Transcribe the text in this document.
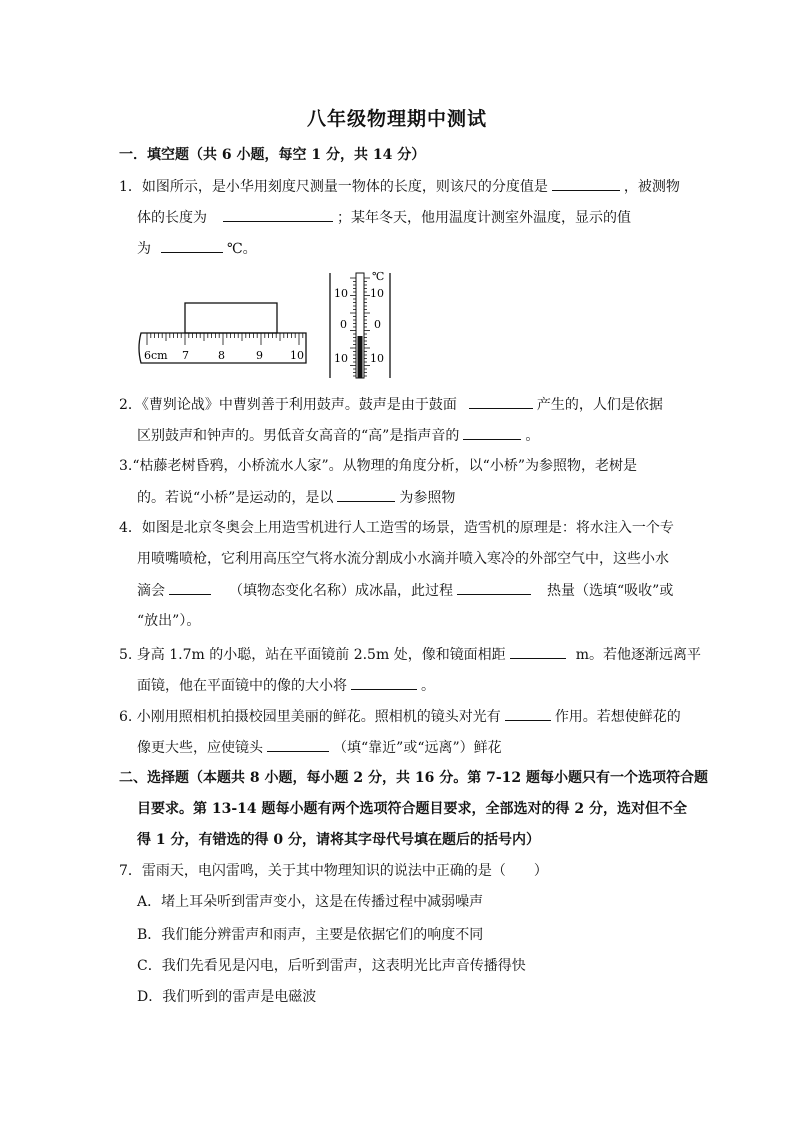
八年级物理期中测试
一．填空题（共 6 小题，每空 1 分，共 14 分）
1．如图所示，是小华用刻度尺测量一物体的长度，则该尺的分度值是	，被测物
体的长度为	；某年冬天，他用温度计测室外温度，显示的值
为	℃。
6cm 7	8	9 10
℃
10 10
0 0
10 10
2．《曹刿论战》中曹刿善于利用鼓声。鼓声是由于鼓面	产生的，人们是依据
区别鼓声和钟声的。男低音女高音的“高”是指声音的	。
3.“枯藤老树昏鸦，小桥流水人家”。从物理的角度分析，以“小桥”为参照物，老树是
的。若说“小桥”是运动的，是以	为参照物
4．如图是北京冬奥会上用造雪机进行人工造雪的场景，造雪机的原理是：将水注入一个专
用喷嘴喷枪，它利用高压空气将水流分割成小水滴并喷入寒冷的外部空气中，这些小水
滴会	（填物态变化名称）成冰晶，此过程	热量（选填“吸收”或
“放出”）。
5. 身高 1.7m 的小聪，站在平面镜前 2.5m 处，像和镜面相距	m。若他逐渐远离平
面镜，他在平面镜中的像的大小将	。
6. 小刚用照相机拍摄校园里美丽的鲜花。照相机的镜头对光有	作用。若想使鲜花的
像更大些，应使镜头	（填“靠近”或“远离”）鲜花
二、选择题（本题共 8 小题，每小题 2 分，共 16 分。第 7-12 题每小题只有一个选项符合题
目要求。第 13-14 题每小题有两个选项符合题目要求，全部选对的得 2 分，选对但不全
得 1 分，有错选的得 0 分，请将其字母代号填在题后的括号内）
7．雷雨天，电闪雷鸣，关于其中物理知识的说法中正确的是（　　）
A．堵上耳朵听到雷声变小，这是在传播过程中减弱噪声
B．我们能分辨雷声和雨声，主要是依据它们的响度不同
C．我们先看见是闪电，后听到雷声，这表明光比声音传播得快
D．我们听到的雷声是电磁波
